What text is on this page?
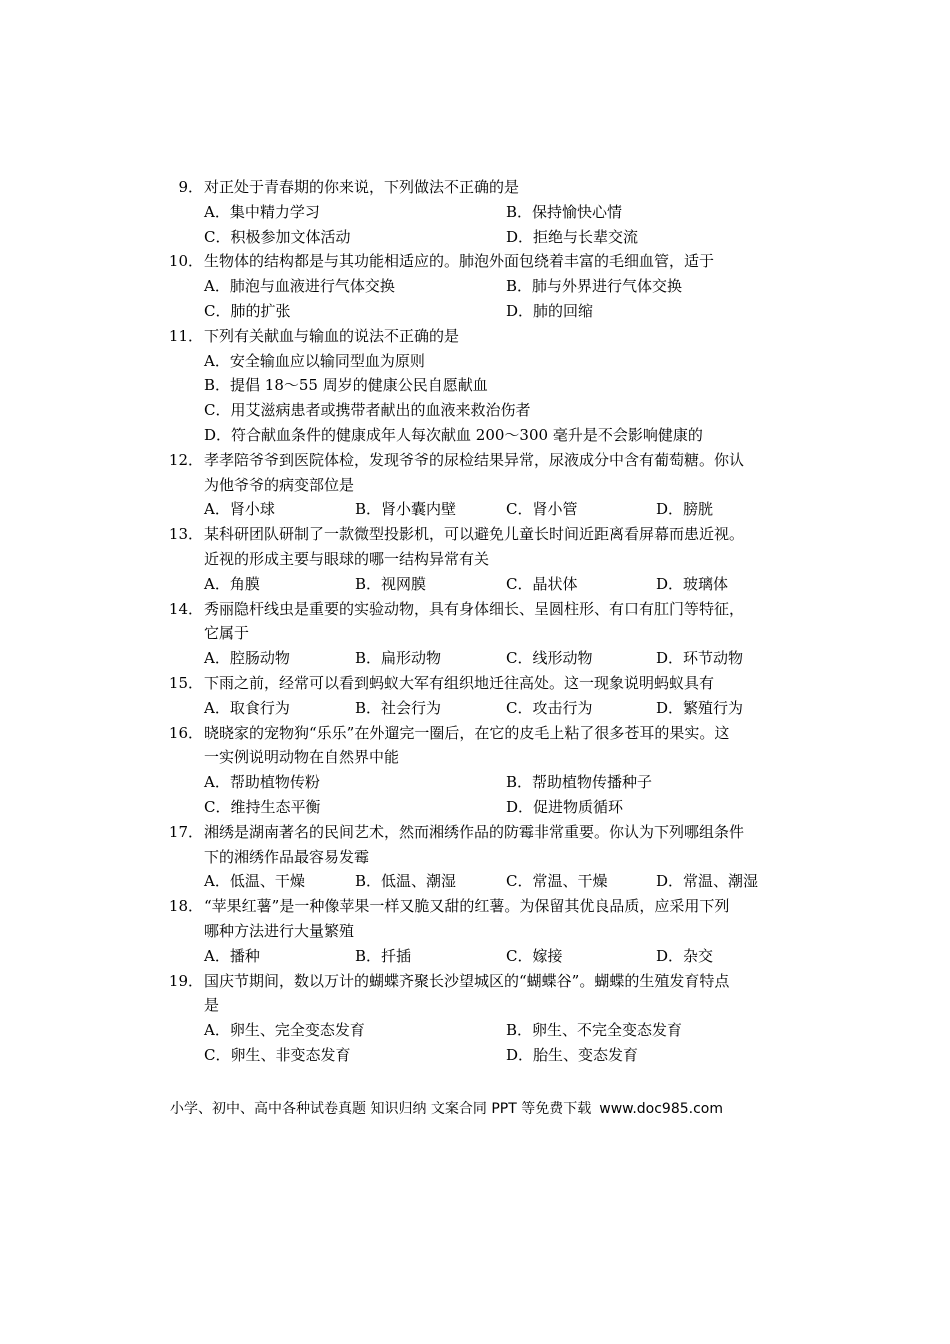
9． 对正处于青春期的你来说，下列做法不正确的是
A．集中精力学习	B．保持愉快心情
C．积极参加文体活动	D．拒绝与长辈交流
10． 生物体的结构都是与其功能相适应的。肺泡外面包绕着丰富的毛细血管，适于
A．肺泡与血液进行气体交换	B．肺与外界进行气体交换
C．肺的扩张	D．肺的回缩
11． 下列有关献血与输血的说法不正确的是
A．安全输血应以输同型血为原则
B．提倡 18～55 周岁的健康公民自愿献血
C．用艾滋病患者或携带者献出的血液来救治伤者
D．符合献血条件的健康成年人每次献血 200～300 毫升是不会影响健康的
12． 孝孝陪爷爷到医院体检，发现爷爷的尿检结果异常，尿液成分中含有葡萄糖。你认
为他爷爷的病变部位是
A．肾小球	B．肾小囊内壁	C．肾小管	D．膀胱
13． 某科研团队研制了一款微型投影机，可以避免儿童长时间近距离看屏幕而患近视。
近视的形成主要与眼球的哪一结构异常有关
A．角膜	B．视网膜	C．晶状体	D．玻璃体
14． 秀丽隐杆线虫是重要的实验动物，具有身体细长、呈圆柱形、有口有肛门等特征，
它属于
A．腔肠动物	B．扁形动物	C．线形动物	D．环节动物
15． 下雨之前，经常可以看到蚂蚁大军有组织地迁往高处。这一现象说明蚂蚁具有
A．取食行为	B．社会行为	C．攻击行为	D．繁殖行为
16． 晓晓家的宠物狗“乐乐”在外遛完一圈后，在它的皮毛上粘了很多苍耳的果实。这
一实例说明动物在自然界中能
A．帮助植物传粉	B．帮助植物传播种子
C．维持生态平衡	D．促进物质循环
17． 湘绣是湖南著名的民间艺术，然而湘绣作品的防霉非常重要。你认为下列哪组条件
下的湘绣作品最容易发霉
A．低温、干燥	B．低温、潮湿	C．常温、干燥	D．常温、潮湿
18． “苹果红薯”是一种像苹果一样又脆又甜的红薯。为保留其优良品质，应采用下列
哪种方法进行大量繁殖
A．播种	B．扦插	C．嫁接	D．杂交
19． 国庆节期间，数以万计的蝴蝶齐聚长沙望城区的“蝴蝶谷”。蝴蝶的生殖发育特点
是
A．卵生、完全变态发育	B．卵生、不完全变态发育
C．卵生、非变态发育	D．胎生、变态发育
小学、初中、高中各种试卷真题 知识归纳 文案合同 PPT 等免费下载 www.doc985.com
